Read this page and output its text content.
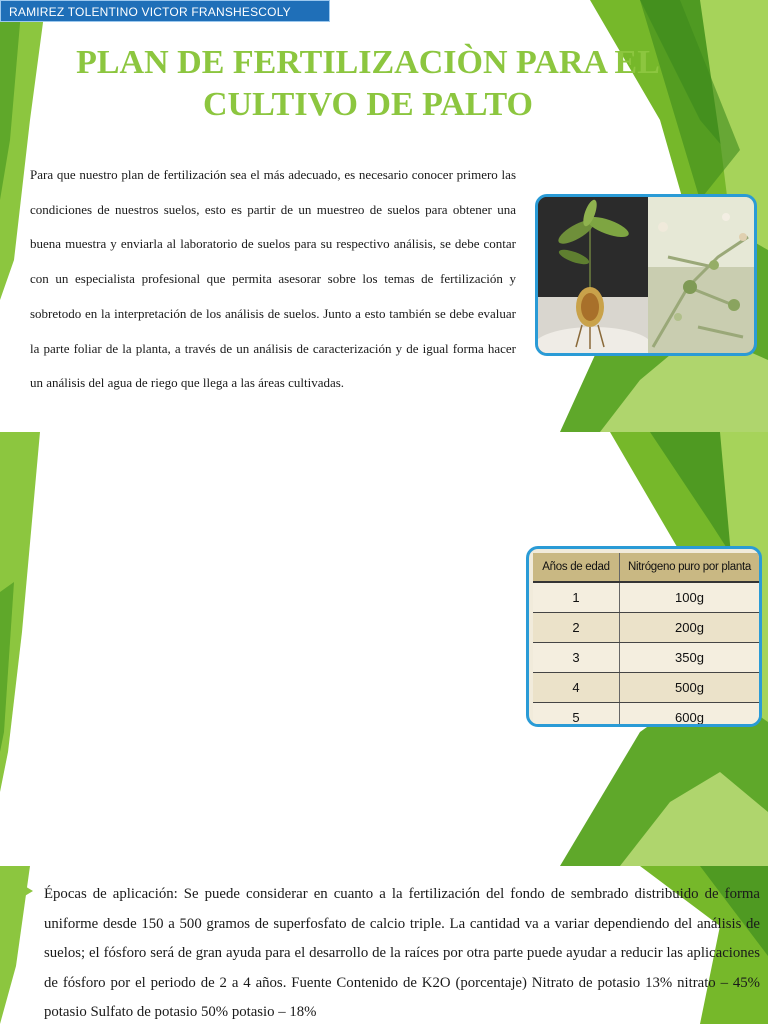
RAMIREZ TOLENTINO VICTOR FRANSHESCOLY
PLAN DE FERTILIZACIÒN PARA EL
CULTIVO DE PALTO

Para que nuestro plan de fertilización sea el más adecuado, es necesario conocer primero las condiciones de nuestros suelos, esto es partir de un muestreo de suelos para obtener una buena muestra y enviarla al laboratorio de suelos para su respectivo análisis, se debe contar con un especialista profesional que permita asesorar sobre los temas de fertilización y sobretodo en la interpretación de los análisis de suelos. Junto a esto también se debe evaluar la parte foliar de la planta, a través de un análisis de caracterización y de igual forma hacer un análisis del agua de riego que llega a las áreas cultivadas.

Años de edad	Nitrógeno puro por planta
1	100g
2	200g
3	350g
4	500g
5	600g

Épocas de aplicación: Se puede considerar en cuanto a la fertilización del fondo de sembrado distribuido de forma uniforme desde 150 a 500 gramos de superfosfato de calcio triple. La cantidad va a variar dependiendo del análisis de suelos; el fósforo será de gran ayuda para el desarrollo de la raíces por otra parte puede ayudar a reducir las aplicaciones de fósforo por el periodo de 2 a 4 años. Fuente Contenido de K2O (porcentaje) Nitrato de potasio 13% nitrato – 45% potasio Sulfato de potasio 50% potasio – 18%
